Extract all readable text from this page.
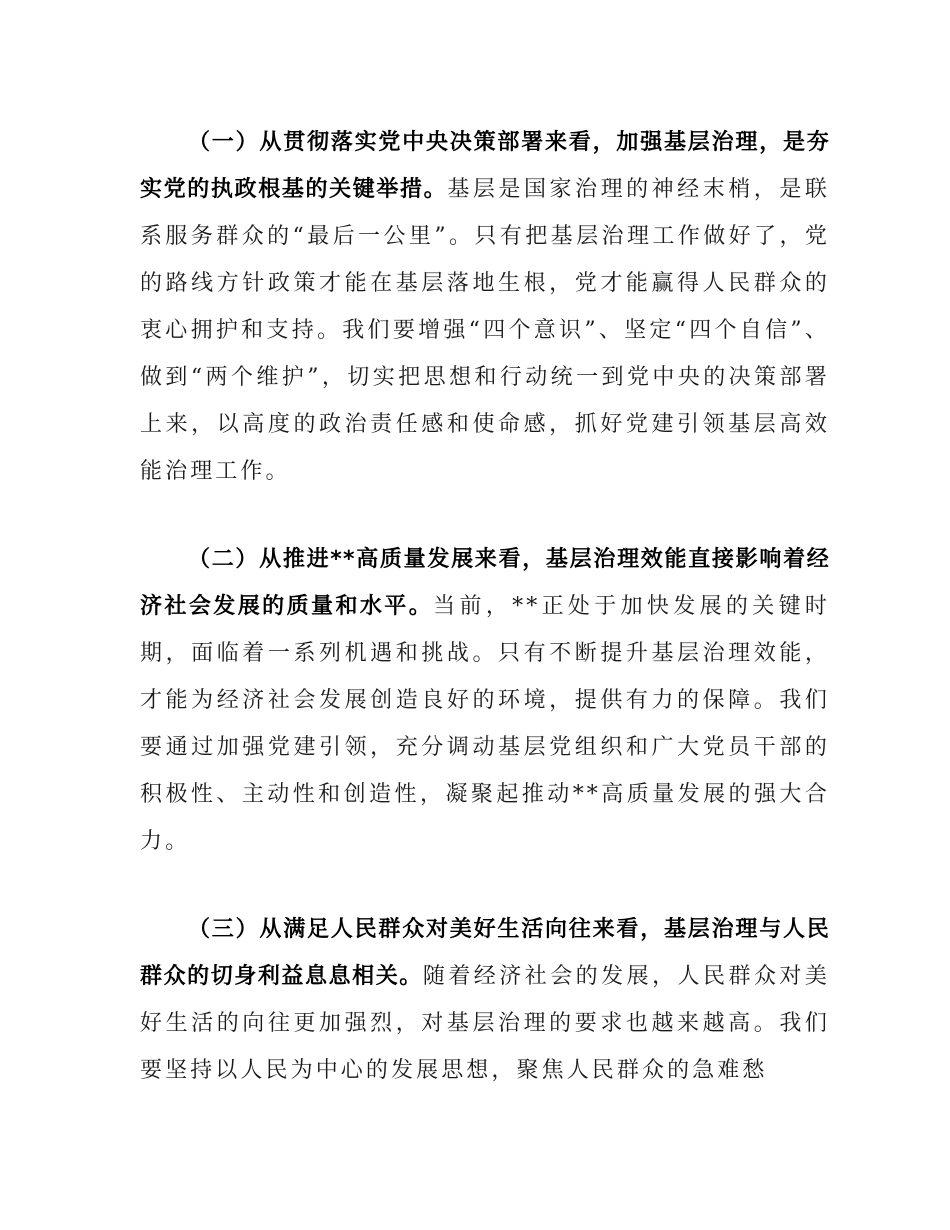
（一）从贯彻落实党中央决策部署来看，加强基层治理，是夯实党的执政根基的关键举措。基层是国家治理的神经末梢，是联系服务群众的“最后一公里”。只有把基层治理工作做好了，党的路线方针政策才能在基层落地生根，党才能赢得人民群众的衷心拥护和支持。我们要增强“四个意识”、坚定“四个自信”、做到“两个维护”，切实把思想和行动统一到党中央的决策部署上来，以高度的政治责任感和使命感，抓好党建引领基层高效能治理工作。

（二）从推进**高质量发展来看，基层治理效能直接影响着经济社会发展的质量和水平。当前，**正处于加快发展的关键时期，面临着一系列机遇和挑战。只有不断提升基层治理效能，才能为经济社会发展创造良好的环境，提供有力的保障。我们要通过加强党建引领，充分调动基层党组织和广大党员干部的积极性、主动性和创造性，凝聚起推动**高质量发展的强大合力。

（三）从满足人民群众对美好生活向往来看，基层治理与人民群众的切身利益息息相关。随着经济社会的发展，人民群众对美好生活的向往更加强烈，对基层治理的要求也越来越高。我们要坚持以人民为中心的发展思想，聚焦人民群众的急难愁
